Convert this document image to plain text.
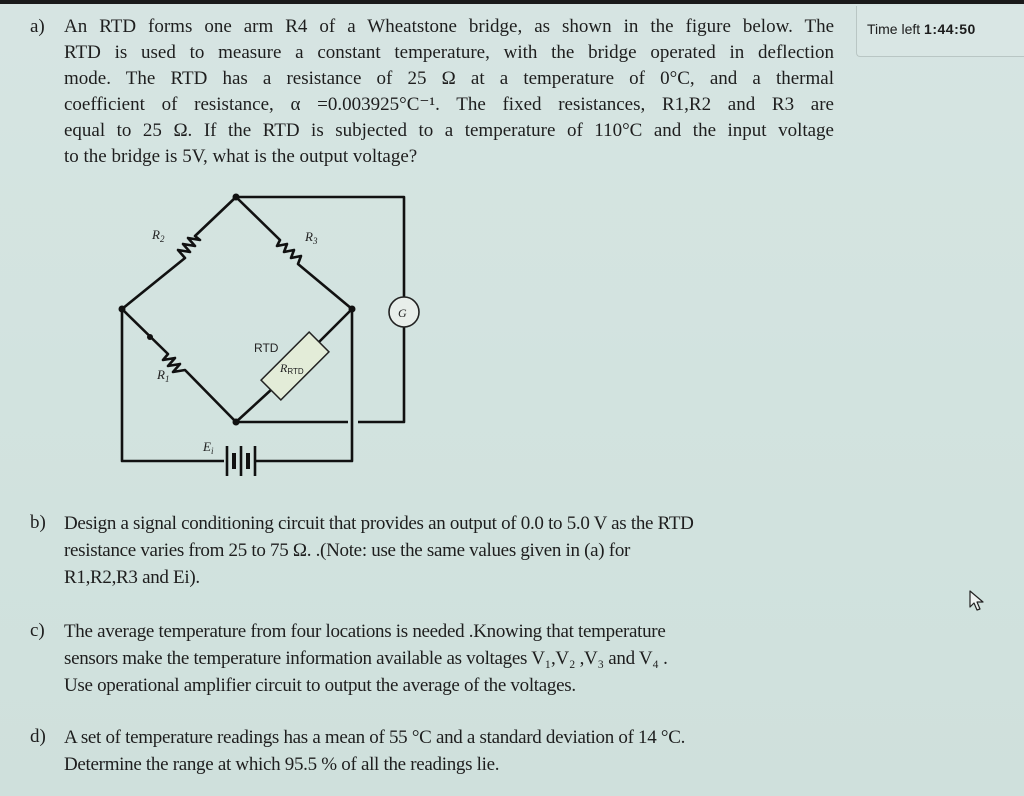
a)	An RTD forms one arm R4 of a Wheatstone bridge, as shown in the figure below. The
RTD is used to measure a constant temperature, with the bridge operated in deflection
mode. The RTD has a resistance of 25 Ω at a temperature of 0°C, and a thermal
coefficient of resistance, α =0.003925°C⁻¹. The fixed resistances, R1,R2 and R3 are
equal to 25 Ω. If the RTD is subjected to a temperature of 110°C and the input voltage
to the bridge is 5V, what is the output voltage?
$R_2$	$R_3$
$R_1$
G
$E_i$
RRTD
RTD
b) Design a signal conditioning circuit that provides an output of 0.0 to 5.0 V as the RTD
resistance varies from 25 to 75 Ω. .(Note: use the same values given in (a) for
R1,R2,R3 and Ei).
c)	The average temperature from four locations is needed .Knowing that temperature
sensors make the temperature information available as voltages V₁,V₂ ,V₃ and V₄ .
Use operational amplifier circuit to output the average of the voltages.
d) A set of temperature readings has a mean of 55 °C and a standard deviation of 14 °C.
Determine the range at which 95.5 % of all the readings lie.
Time left 1:44:50
